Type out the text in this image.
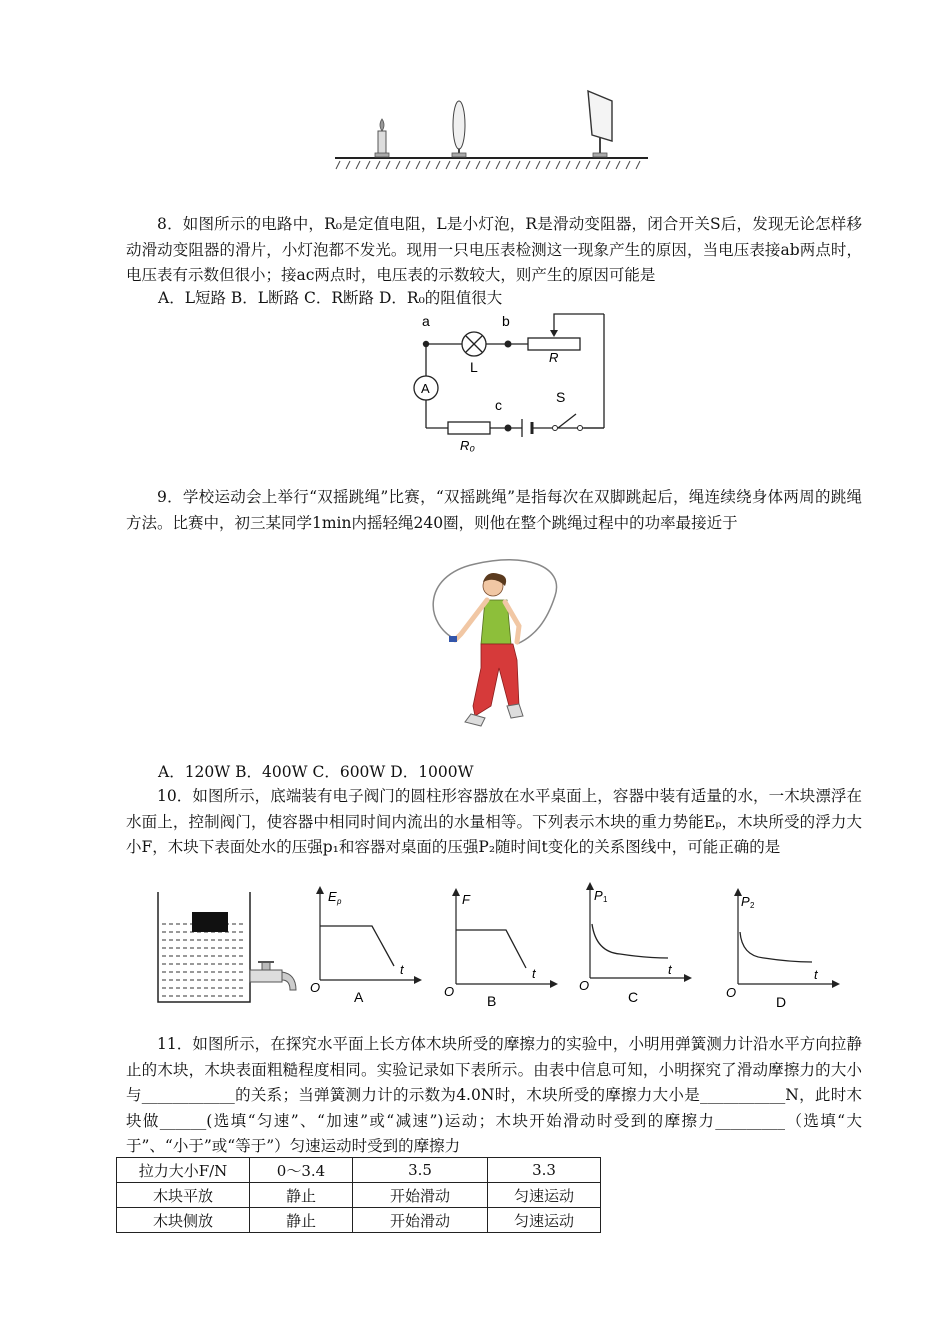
8．如图所示的电路中，R₀是定值电阻，L是小灯泡，R是滑动变阻器，闭合开关S后，发现无论怎样移动滑动变阻器的滑片，小灯泡都不发光。现用一只电压表检测这一现象产生的原因，当电压表接ab两点时，电压表有示数但很小；接ac两点时，电压表的示数较大，则产生的原因可能是
A．L短路 B．L断路 C．R断路 D．R₀的阻值很大
a	b
L
R
A
c	S
R₀
9．学校运动会上举行“双摇跳绳”比赛，“双摇跳绳”是指每次在双脚跳起后，绳连续绕身体两周的跳绳方法。比赛中，初三某同学1min内摇轻绳240圈，则他在整个跳绳过程中的功率最接近于
A．120W B．400W C．600W D．1000W
10．如图所示，底端装有电子阀门的圆柱形容器放在水平桌面上，容器中装有适量的水，一木块漂浮在水面上，控制阀门，使容器中相同时间内流出的水量相等。下列表示木块的重力势能Eₚ，木块所受的浮力大小F，木块下表面处水的压强p₁和容器对桌面的压强P₂随时间t变化的关系图线中，可能正确的是
E p
t
O
A
F
t
O
B
P 1
t
O
C
P 2
t
O
D
11．如图所示，在探究水平面上长方体木块所受的摩擦力的实验中，小明用弹簧测力计沿水平方向拉静止的木块，木块表面粗糙程度相同。实验记录如下表所示。由表中信息可知，小明探究了滑动摩擦力的大小与____________的关系；当弹簧测力计的示数为4.0N时，木块所受的摩擦力大小是___________N，此时木块做______(选填“匀速”、“加速”或“减速”)运动；木块开始滑动时受到的摩擦力_________（选填“大于”、“小于”或“等于”）匀速运动时受到的摩擦力
拉力大小F/N	0～3.4	3.5	3.3
木块平放	静止	开始滑动	匀速运动
木块侧放	静止	开始滑动	匀速运动
